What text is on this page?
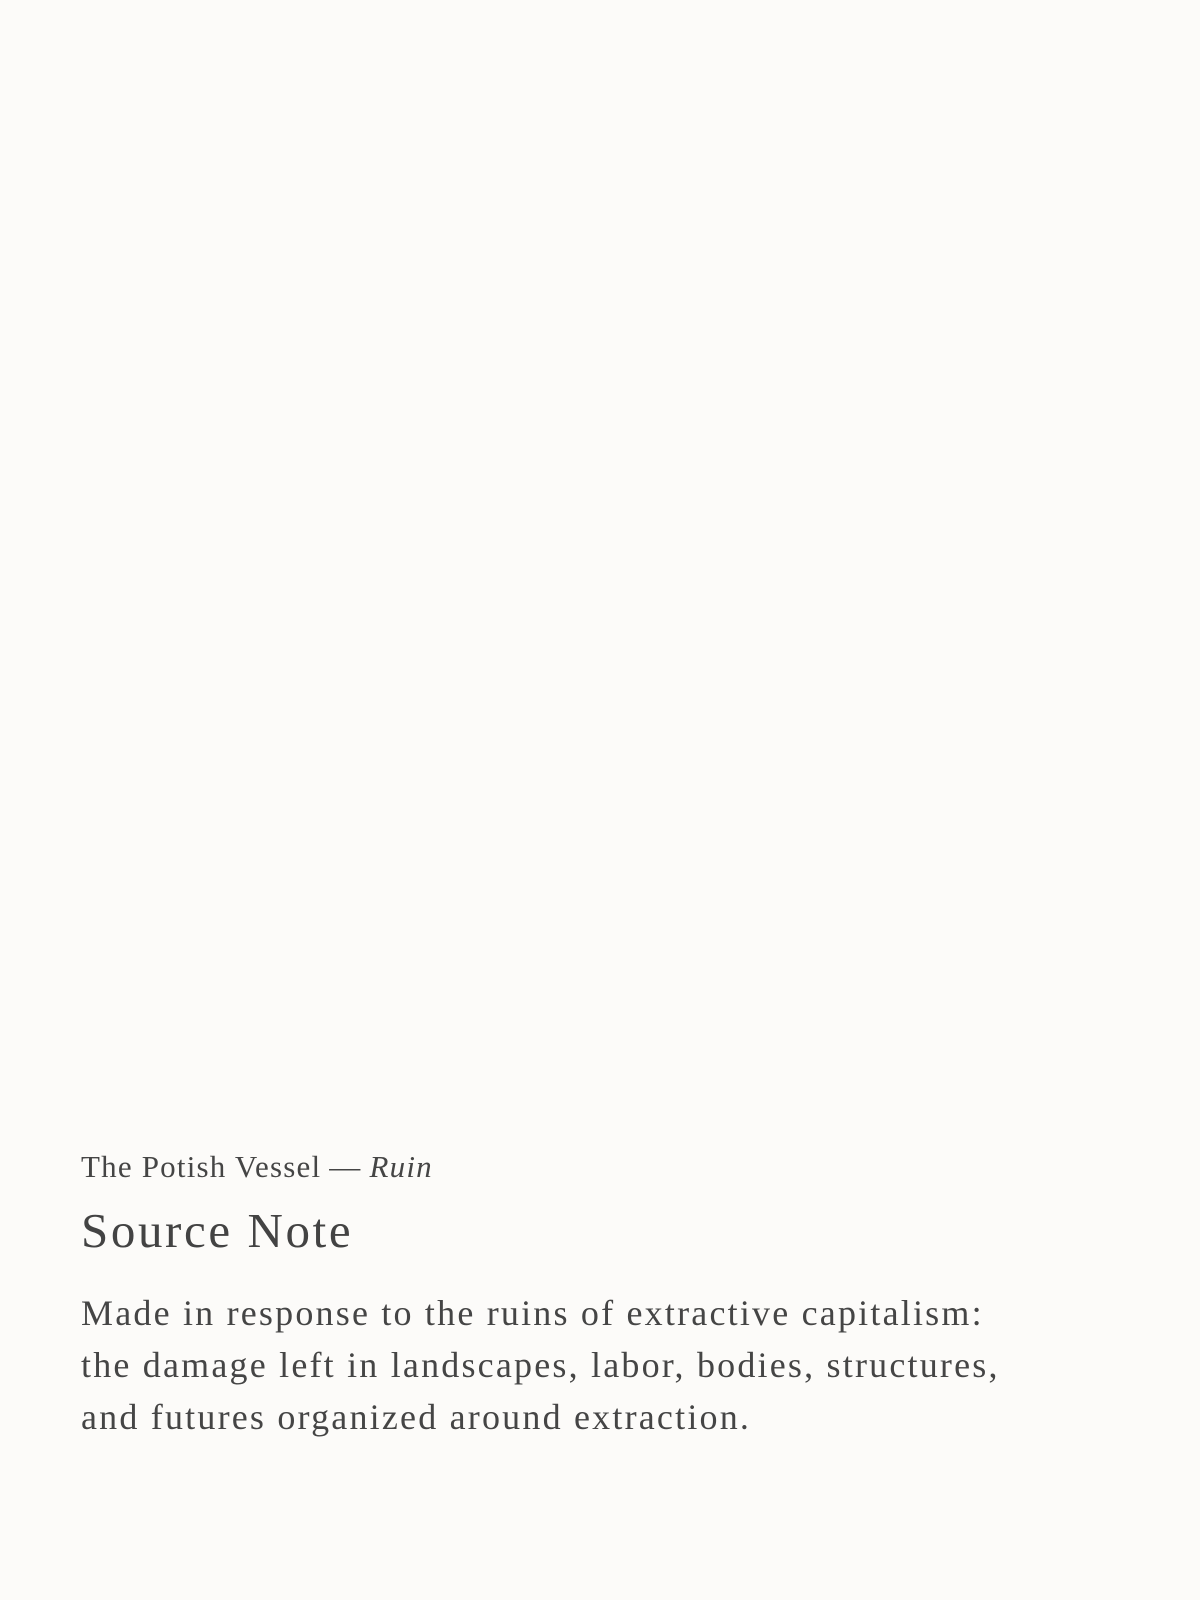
The Potish Vessel — Ruin
Source Note

Made in response to the ruins of extractive capitalism:
the damage left in landscapes, labor, bodies, structures,
and futures organized around extraction.
